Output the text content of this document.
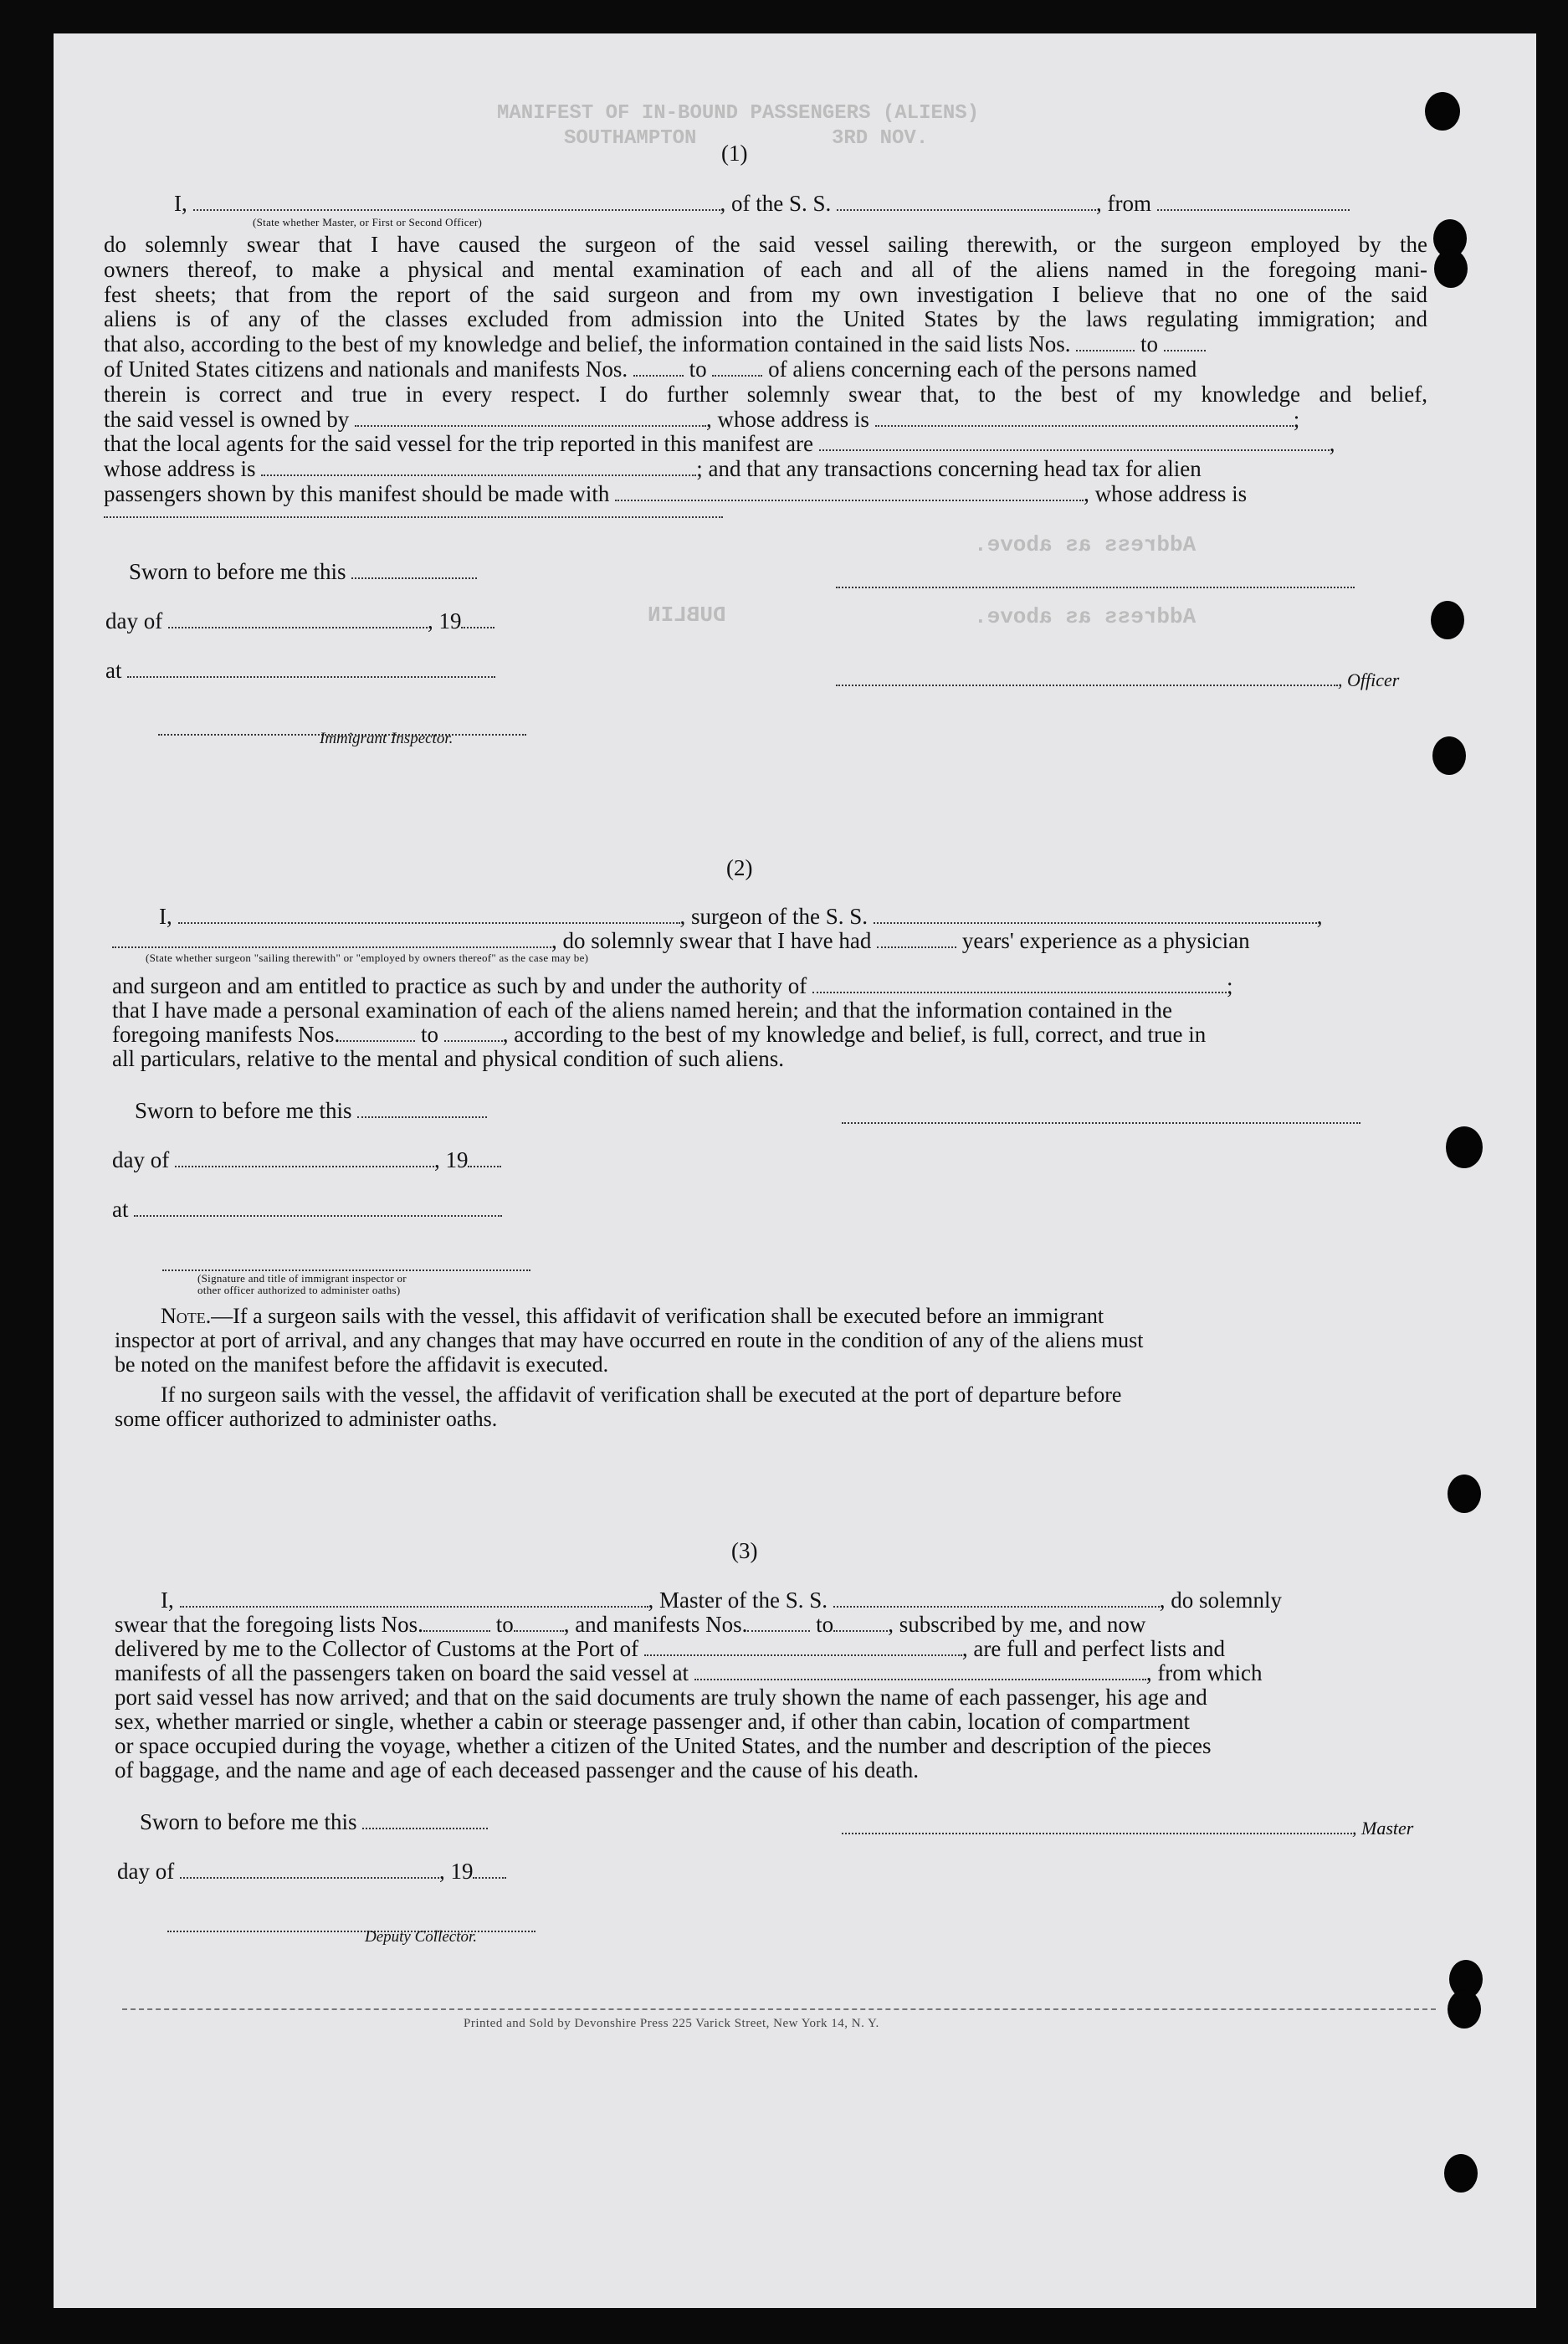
MANIFEST OF IN-BOUND PASSENGERS (ALIENS)
SOUTHAMPTON	3RD NOV.
Address as above.
DUBLIN	Address as above.
(1)
I,	, of the S. S.	, from
(State whether Master, or First or Second Officer)
do solemnly swear that I have caused the surgeon of the said vessel sailing therewith, or the surgeon employed by the
owners thereof, to make a physical and mental examination of each and all of the aliens named in the foregoing mani-
fest sheets; that from the report of the said surgeon and from my own investigation I believe that no one of the said
aliens is of any of the classes excluded from admission into the United States by the laws regulating immigration; and
that also, according to the best of my knowledge and belief, the information contained in the said lists Nos.	to
of United States citizens and nationals and manifests Nos.	to	of aliens concerning each of the persons named
therein is correct and true in every respect. I do further solemnly swear that, to the best of my knowledge and belief,
the said vessel is owned by	, whose address is	;
that the local agents for the said vessel for the trip reported in this manifest are	,
whose address is	; and that any transactions concerning head tax for alien
passengers shown by this manifest should be made with	, whose address is
Sworn to before me this
day of	, 19
at	, Officer
Immigrant Inspector.
(2)
I,	, surgeon of the S. S.	,
, do solemnly swear that I have had	years' experience as a physician
(State whether surgeon "sailing therewith" or "employed by owners thereof" as the case may be)
and surgeon and am entitled to practice as such by and under the authority of	;
that I have made a personal examination of each of the aliens named herein; and that the information contained in the
foregoing manifests Nos.	to	, according to the best of my knowledge and belief, is full, correct, and true in
all particulars, relative to the mental and physical condition of such aliens.
Sworn to before me this
day of	, 19
at
(Signature and title of immigrant inspector or
other officer authorized to administer oaths)
Note.—If a surgeon sails with the vessel, this affidavit of verification shall be executed before an immigrant
inspector at port of arrival, and any changes that may have occurred en route in the condition of any of the aliens must
be noted on the manifest before the affidavit is executed.
If no surgeon sails with the vessel, the affidavit of verification shall be executed at the port of departure before
some officer authorized to administer oaths.
(3)
I,	, Master of the S. S.	, do solemnly
swear that the foregoing lists Nos.	to , and manifests Nos.	to , subscribed by me, and now
delivered by me to the Collector of Customs at the Port of	, are full and perfect lists and
manifests of all the passengers taken on board the said vessel at	, from which
port said vessel has now arrived; and that on the said documents are truly shown the name of each passenger, his age and
sex, whether married or single, whether a cabin or steerage passenger and, if other than cabin, location of compartment
or space occupied during the voyage, whether a citizen of the United States, and the number and description of the pieces
of baggage, and the name and age of each deceased passenger and the cause of his death.
Sworn to before me this	, Master
day of	, 19
Deputy Collector.
Printed and Sold by Devonshire Press 225 Varick Street, New York 14, N. Y.
